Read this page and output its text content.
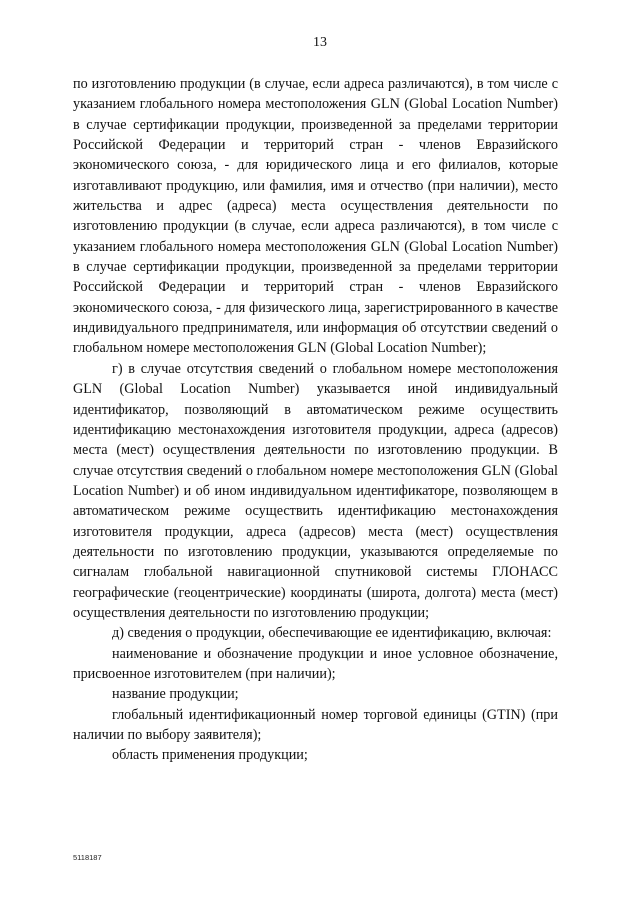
13

по изготовлению продукции (в случае, если адреса различаются), в том числе с указанием глобального номера местоположения GLN (Global Location Number) в случае сертификации продукции, произведенной за пределами территории Российской Федерации и территорий стран - членов Евразийского экономического союза, - для юридического лица и его филиалов, которые изготавливают продукцию, или фамилия, имя и отчество (при наличии), место жительства и адрес (адреса) места осуществления деятельности по изготовлению продукции (в случае, если адреса различаются), в том числе с указанием глобального номера местоположения GLN (Global Location Number) в случае сертификации продукции, произведенной за пределами территории Российской Федерации и территорий стран - членов Евразийского экономического союза, - для физического лица, зарегистрированного в качестве индивидуального предпринимателя, или информация об отсутствии сведений о глобальном номере местоположения GLN (Global Location Number);

г) в случае отсутствия сведений о глобальном номере местоположения GLN (Global Location Number) указывается иной индивидуальный идентификатор, позволяющий в автоматическом режиме осуществить идентификацию местонахождения изготовителя продукции, адреса (адресов) места (мест) осуществления деятельности по изготовлению продукции. В случае отсутствия сведений о глобальном номере местоположения GLN (Global Location Number) и об ином индивидуальном идентификаторе, позволяющем в автоматическом режиме осуществить идентификацию местонахождения изготовителя продукции, адреса (адресов) места (мест) осуществления деятельности по изготовлению продукции, указываются определяемые по сигналам глобальной навигационной спутниковой системы ГЛОНАСС географические (геоцентрические) координаты (широта, долгота) места (мест) осуществления деятельности по изготовлению продукции;

д) сведения о продукции, обеспечивающие ее идентификацию, включая:

наименование и обозначение продукции и иное условное обозначение, присвоенное изготовителем (при наличии);

название продукции;

глобальный идентификационный номер торговой единицы (GTIN) (при наличии по выбору заявителя);

область применения продукции;

5118187
